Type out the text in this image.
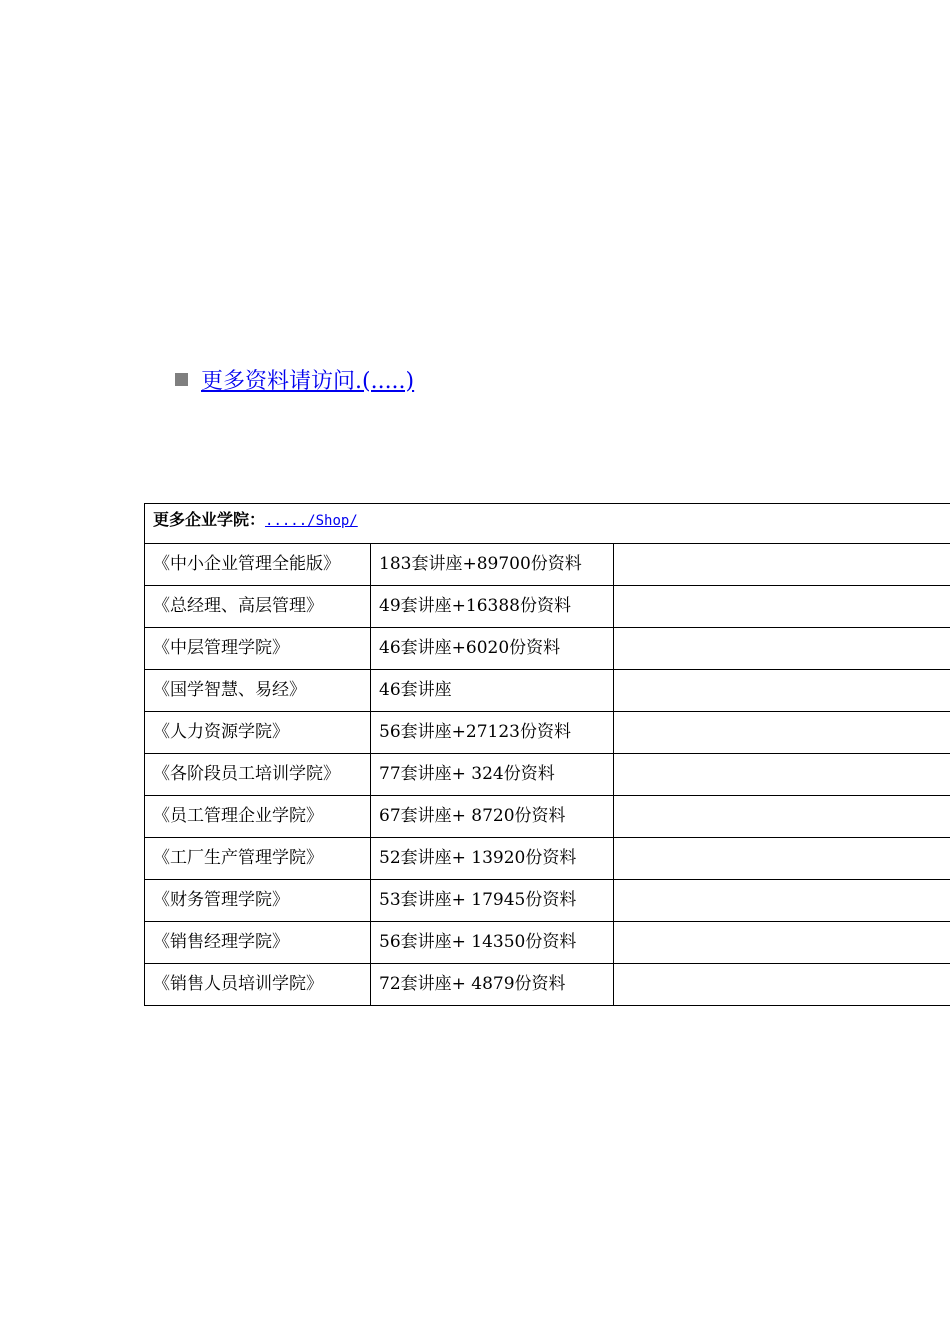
更多资料请访问.(.....)
更多企业学院：...../Shop/		
《中小企业管理全能版》	183套讲座+89700份资料	
《总经理、高层管理》	49套讲座+16388份资料	
《中层管理学院》	46套讲座+6020份资料	
《国学智慧、易经》	46套讲座	
《人力资源学院》	56套讲座+27123份资料	
《各阶段员工培训学院》	77套讲座+ 324份资料	
《员工管理企业学院》	67套讲座+ 8720份资料	
《工厂生产管理学院》	52套讲座+ 13920份资料	
《财务管理学院》	53套讲座+ 17945份资料	
《销售经理学院》	56套讲座+ 14350份资料	
《销售人员培训学院》	72套讲座+ 4879份资料	
